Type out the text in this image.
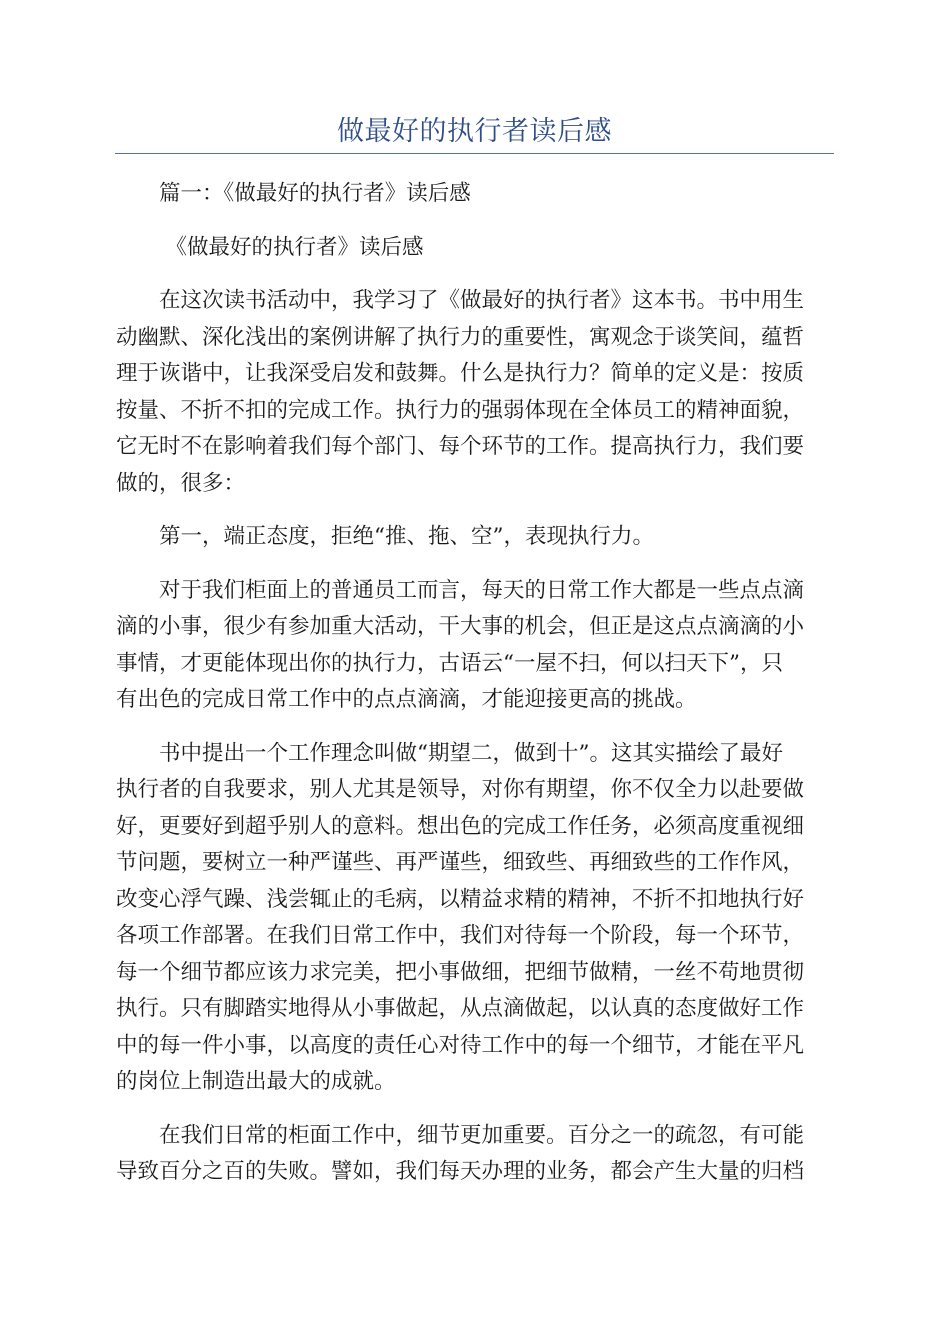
做最好的执行者读后感

篇一：《做最好的执行者》读后感

《做最好的执行者》读后感

在这次读书活动中，我学习了《做最好的执行者》这本书。书中用生
动幽默、深化浅出的案例讲解了执行力的重要性，寓观念于谈笑间，蕴哲
理于诙谐中，让我深受启发和鼓舞。什么是执行力？简单的定义是：按质
按量、不折不扣的完成工作。执行力的强弱体现在全体员工的精神面貌，
它无时不在影响着我们每个部门、每个环节的工作。提高执行力，我们要
做的，很多：

第一，端正态度，拒绝“推、拖、空”，表现执行力。

对于我们柜面上的普通员工而言，每天的日常工作大都是一些点点滴
滴的小事，很少有参加重大活动，干大事的机会，但正是这点点滴滴的小
事情，才更能体现出你的执行力，古语云“一屋不扫，何以扫天下”，只
有出色的完成日常工作中的点点滴滴，才能迎接更高的挑战。

书中提出一个工作理念叫做“期望二，做到十”。这其实描绘了最好
执行者的自我要求，别人尤其是领导，对你有期望，你不仅全力以赴要做
好，更要好到超乎别人的意料。想出色的完成工作任务，必须高度重视细
节问题，要树立一种严谨些、再严谨些，细致些、再细致些的工作作风，
改变心浮气躁、浅尝辄止的毛病，以精益求精的精神，不折不扣地执行好
各项工作部署。在我们日常工作中，我们对待每一个阶段，每一个环节，
每一个细节都应该力求完美，把小事做细，把细节做精，一丝不苟地贯彻
执行。只有脚踏实地得从小事做起，从点滴做起，以认真的态度做好工作
中的每一件小事，以高度的责任心对待工作中的每一个细节，才能在平凡
的岗位上制造出最大的成就。

在我们日常的柜面工作中，细节更加重要。百分之一的疏忽，有可能
导致百分之百的失败。譬如，我们每天办理的业务，都会产生大量的归档
